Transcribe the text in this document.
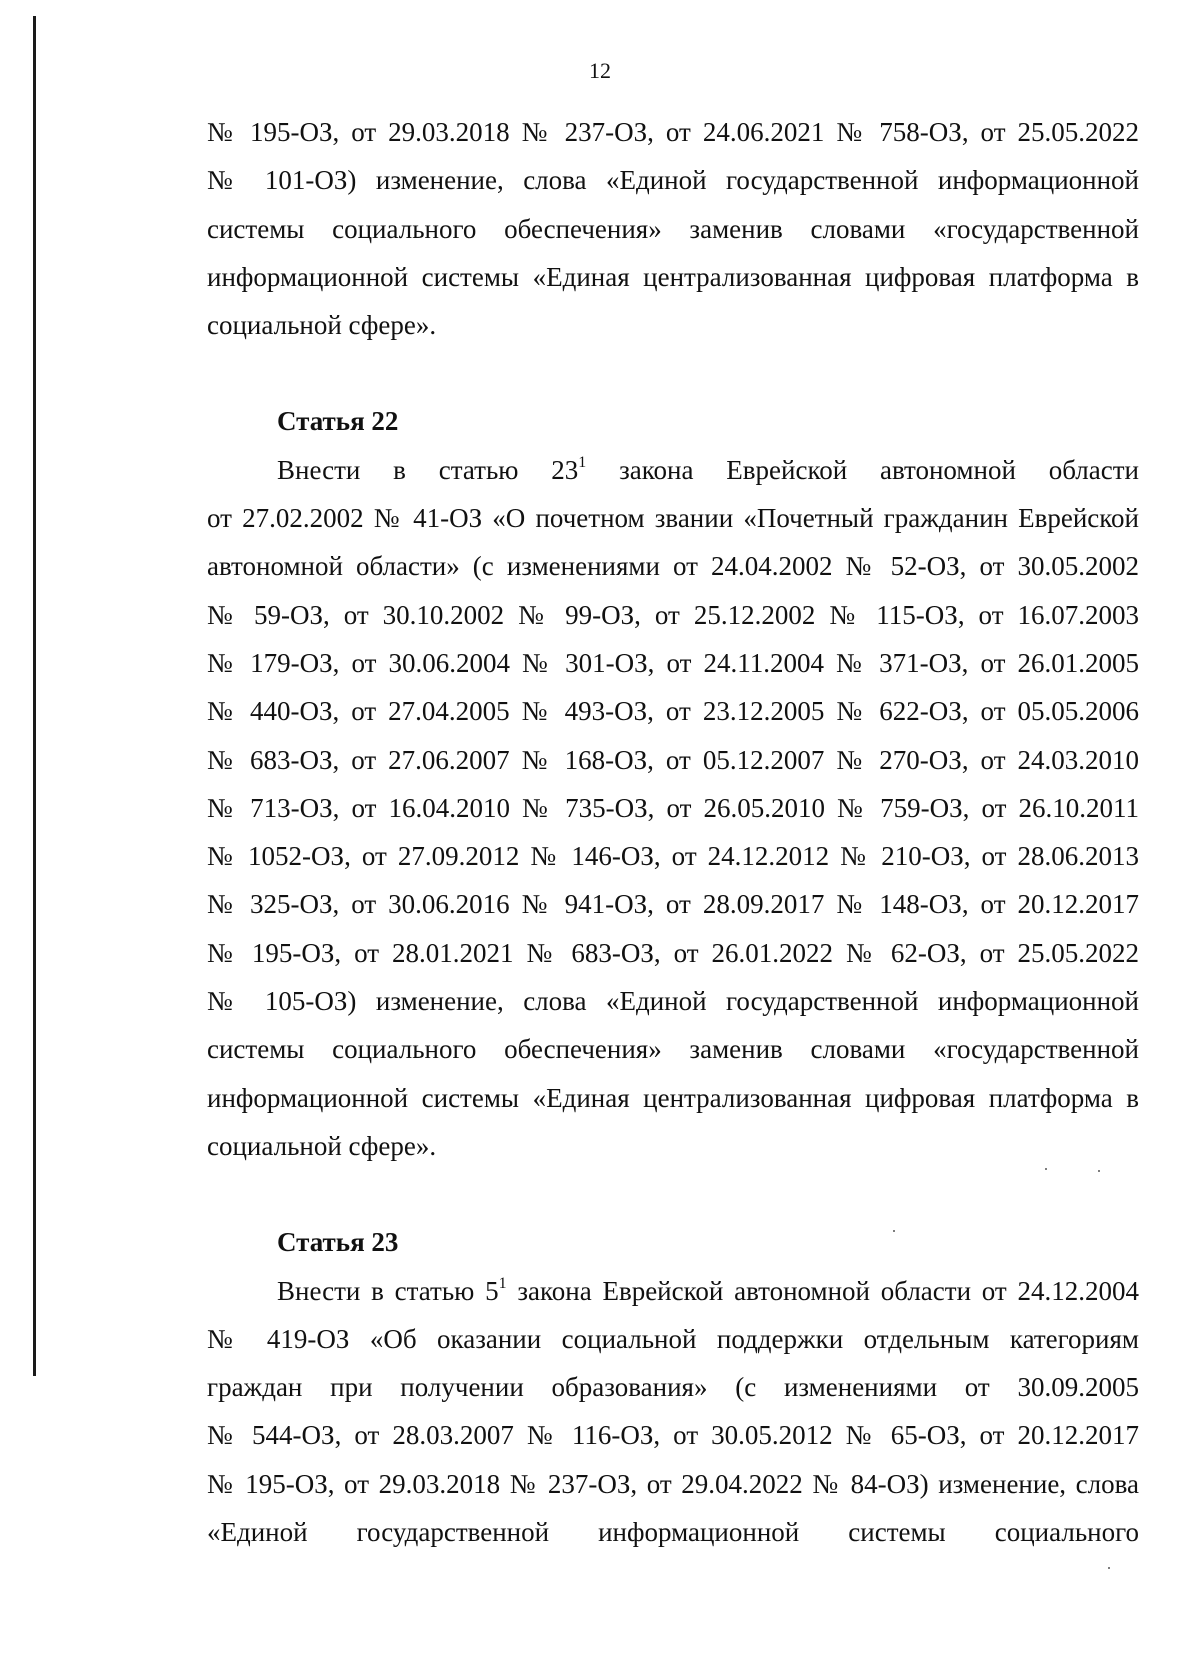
12

№ 195-ОЗ, от 29.03.2018 № 237-ОЗ, от 24.06.2021 № 758-ОЗ, от 25.05.2022
№ 101-ОЗ) изменение, слова «Единой государственной информационной
системы социального обеспечения» заменив словами «государственной
информационной системы «Единая централизованная цифровая платформа в
социальной сфере».

Статья 22

Внести в статью $23^1$ закона Еврейской автономной области
от 27.02.2002 № 41-ОЗ «О почетном звании «Почетный гражданин Еврейской
автономной области» (с изменениями от 24.04.2002 № 52-ОЗ, от 30.05.2002
№ 59-ОЗ, от 30.10.2002 № 99-ОЗ, от 25.12.2002 № 115-ОЗ, от 16.07.2003
№ 179-ОЗ, от 30.06.2004 № 301-ОЗ, от 24.11.2004 № 371-ОЗ, от 26.01.2005
№ 440-ОЗ, от 27.04.2005 № 493-ОЗ, от 23.12.2005 № 622-ОЗ, от 05.05.2006
№ 683-ОЗ, от 27.06.2007 № 168-ОЗ, от 05.12.2007 № 270-ОЗ, от 24.03.2010
№ 713-ОЗ, от 16.04.2010 № 735-ОЗ, от 26.05.2010 № 759-ОЗ, от 26.10.2011
№ 1052-ОЗ, от 27.09.2012 № 146-ОЗ, от 24.12.2012 № 210-ОЗ, от 28.06.2013
№ 325-ОЗ, от 30.06.2016 № 941-ОЗ, от 28.09.2017 № 148-ОЗ, от 20.12.2017
№ 195-ОЗ, от 28.01.2021 № 683-ОЗ, от 26.01.2022 № 62-ОЗ, от 25.05.2022
№ 105-ОЗ) изменение, слова «Единой государственной информационной
системы социального обеспечения» заменив словами «государственной
информационной системы «Единая централизованная цифровая платформа в
социальной сфере».

Статья 23

Внести в статью $5^1$ закона Еврейской автономной области от 24.12.2004
№ 419-ОЗ «Об оказании социальной поддержки отдельным категориям
граждан при получении образования» (с изменениями от 30.09.2005
№ 544-ОЗ, от 28.03.2007 № 116-ОЗ, от 30.05.2012 № 65-ОЗ, от 20.12.2017
№ 195-ОЗ, от 29.03.2018 № 237-ОЗ, от 29.04.2022 № 84-ОЗ) изменение, слова
«Единой государственной информационной системы социального
